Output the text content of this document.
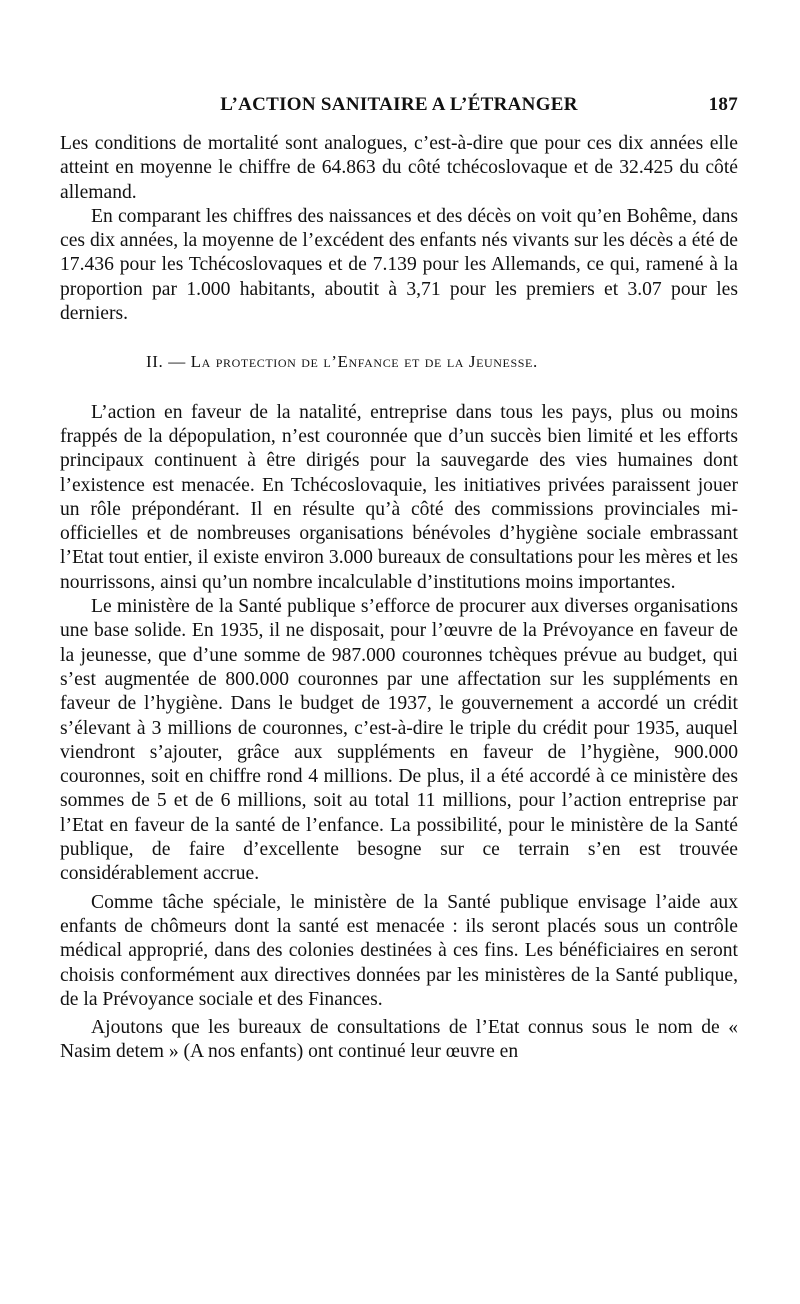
L’ACTION SANITAIRE A L’ÉTRANGER	187

Les conditions de mortalité sont analogues, c’est-à-dire que pour ces dix années elle atteint en moyenne le chiffre de 64.863 du côté tchécoslovaque et de 32.425 du côté allemand.

En comparant les chiffres des naissances et des décès on voit qu’en Bohême, dans ces dix années, la moyenne de l’excédent des enfants nés vivants sur les décès a été de 17.436 pour les Tchécoslovaques et de 7.139 pour les Allemands, ce qui, ramené à la proportion par 1.000 habitants, aboutit à 3,71 pour les premiers et 3.07 pour les derniers.

II. — La protection de l’Enfance et de la Jeunesse.

L’action en faveur de la natalité, entreprise dans tous les pays, plus ou moins frappés de la dépopulation, n’est couronnée que d’un succès bien limité et les efforts principaux continuent à être dirigés pour la sauvegarde des vies humaines dont l’existence est menacée. En Tchécoslovaquie, les initiatives privées paraissent jouer un rôle prépondérant. Il en résulte qu’à côté des commissions provinciales mi-officielles et de nombreuses organisations bénévoles d’hygiène sociale embrassant l’Etat tout entier, il existe environ 3.000 bureaux de consultations pour les mères et les nourrissons, ainsi qu’un nombre incalculable d’institutions moins importantes.

Le ministère de la Santé publique s’efforce de procurer aux diverses organisations une base solide. En 1935, il ne disposait, pour l’œuvre de la Prévoyance en faveur de la jeunesse, que d’une somme de 987.000 couronnes tchèques prévue au budget, qui s’est augmentée de 800.000 couronnes par une affectation sur les suppléments en faveur de l’hygiène. Dans le budget de 1937, le gouvernement a accordé un crédit s’élevant à 3 millions de couronnes, c’est-à-dire le triple du crédit pour 1935, auquel viendront s’ajouter, grâce aux suppléments en faveur de l’hygiène, 900.000 couronnes, soit en chiffre rond 4 millions. De plus, il a été accordé à ce ministère des sommes de 5 et de 6 millions, soit au total 11 millions, pour l’action entreprise par l’Etat en faveur de la santé de l’enfance. La possibilité, pour le ministère de la Santé publique, de faire d’excellente besogne sur ce terrain s’en est trouvée considérablement accrue.

Comme tâche spéciale, le ministère de la Santé publique envisage l’aide aux enfants de chômeurs dont la santé est menacée : ils seront placés sous un contrôle médical approprié, dans des colonies destinées à ces fins. Les bénéficiaires en seront choisis conformément aux directives données par les ministères de la Santé publique, de la Prévoyance sociale et des Finances.

Ajoutons que les bureaux de consultations de l’Etat connus sous le nom de « Nasim detem » (A nos enfants) ont continué leur œuvre en
